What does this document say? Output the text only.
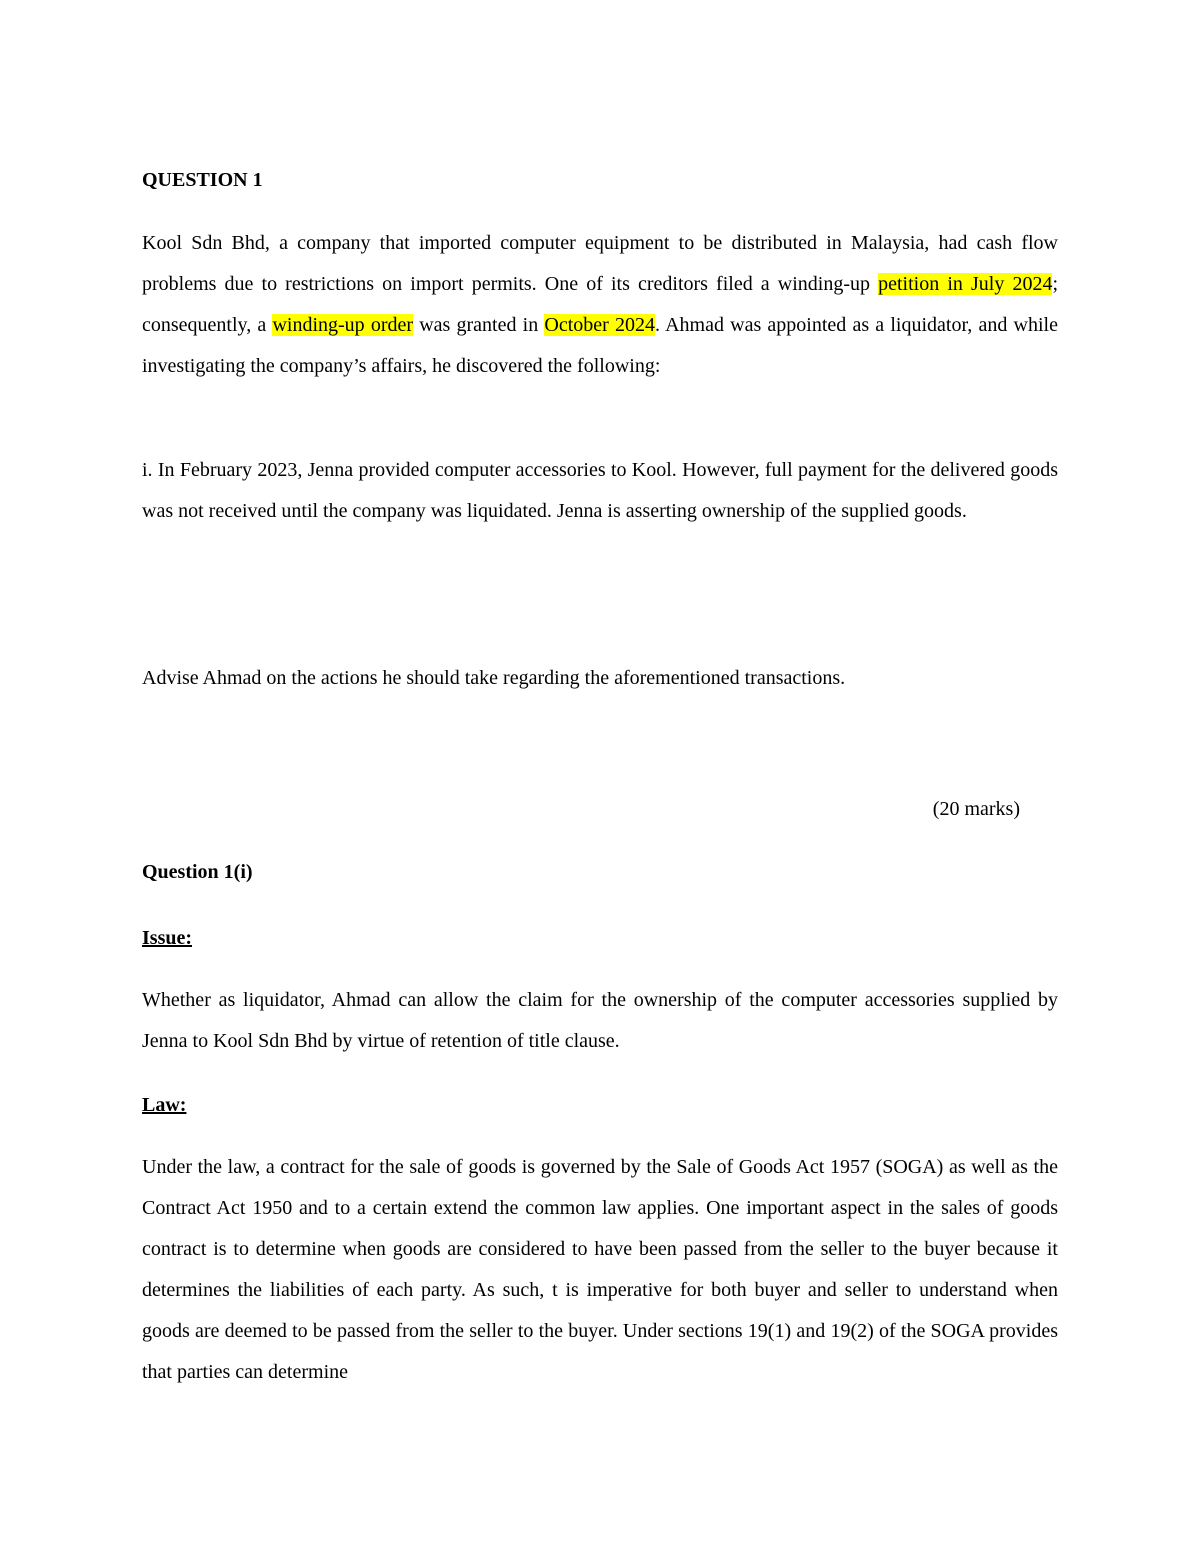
QUESTION 1

Kool Sdn Bhd, a company that imported computer equipment to be distributed in Malaysia, had cash flow problems due to restrictions on import permits. One of its creditors filed a winding-up petition in July 2024; consequently, a winding-up order was granted in October 2024. Ahmad was appointed as a liquidator, and while investigating the company’s affairs, he discovered the following:

i. In February 2023, Jenna provided computer accessories to Kool. However, full payment for the delivered goods was not received until the company was liquidated. Jenna is asserting ownership of the supplied goods.

Advise Ahmad on the actions he should take regarding the aforementioned transactions.

(20 marks)

Question 1(i)

Issue:

Whether as liquidator, Ahmad can allow the claim for the ownership of the computer accessories supplied by Jenna to Kool Sdn Bhd by virtue of retention of title clause.

Law:

Under the law, a contract for the sale of goods is governed by the Sale of Goods Act 1957 (SOGA) as well as the Contract Act 1950 and to a certain extend the common law applies. One important aspect in the sales of goods contract is to determine when goods are considered to have been passed from the seller to the buyer because it determines the liabilities of each party. As such, t is imperative for both buyer and seller to understand when goods are deemed to be passed from the seller to the buyer. Under sections 19(1) and 19(2) of the SOGA provides that parties can determine
